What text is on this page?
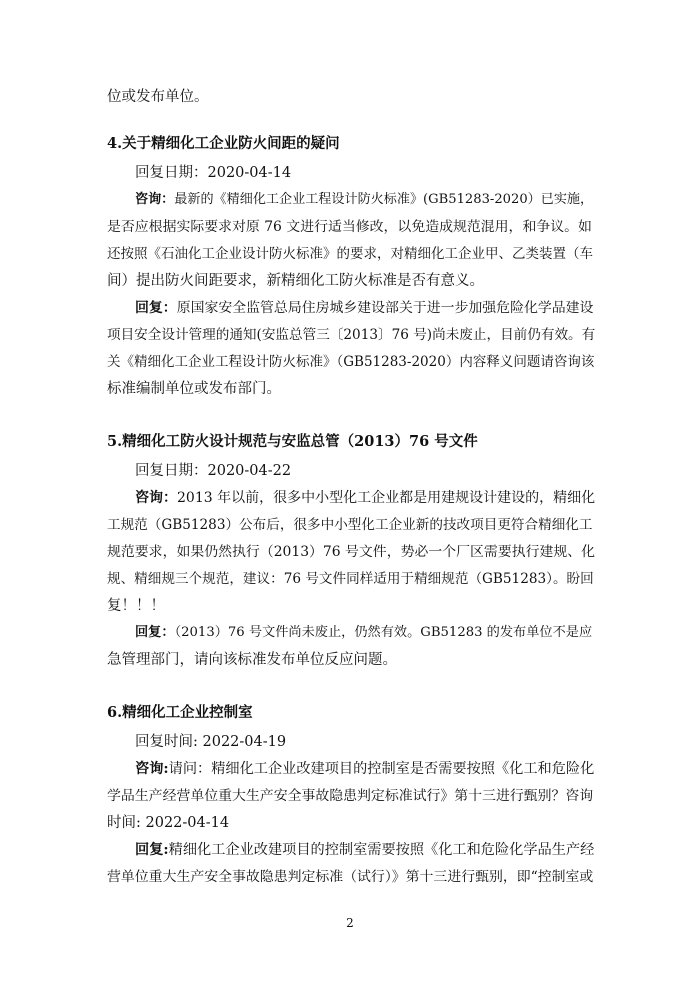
位或发布单位。
4.关于精细化工企业防火间距的疑问
回复日期：2020-04-14
咨询：最新的《精细化工企业工程设计防火标准》(GB51283-2020）已实施，
是否应根据实际要求对原 76 文进行适当修改，以免造成规范混用，和争议。如
还按照《石油化工企业设计防火标准》的要求，对精细化工企业甲、乙类装置（车
间）提出防火间距要求，新精细化工防火标准是否有意义。
回复：原国家安全监管总局住房城乡建设部关于进一步加强危险化学品建设
项目安全设计管理的通知(安监总管三〔2013〕76 号)尚未废止，目前仍有效。有
关《精细化工企业工程设计防火标准》（GB51283-2020）内容释义问题请咨询该
标准编制单位或发布部门。
5.精细化工防火设计规范与安监总管（2013）76 号文件
回复日期：2020-04-22
咨询：2013 年以前，很多中小型化工企业都是用建规设计建设的，精细化
工规范（GB51283）公布后，很多中小型化工企业新的技改项目更符合精细化工
规范要求，如果仍然执行（2013）76 号文件，势必一个厂区需要执行建规、化
规、精细规三个规范，建议：76 号文件同样适用于精细规范（GB51283）。盼回
复！！！
回复：（2013）76 号文件尚未废止，仍然有效。GB51283 的发布单位不是应
急管理部门，请向该标准发布单位反应问题。
6.精细化工企业控制室
回复时间: 2022-04-19
咨询:请问：精细化工企业改建项目的控制室是否需要按照《化工和危险化
学品生产经营单位重大生产安全事故隐患判定标准试行》第十三进行甄别？咨询
时间: 2022-04-14
回复:精细化工企业改建项目的控制室需要按照《化工和危险化学品生产经
营单位重大生产安全事故隐患判定标准（试行）》第十三进行甄别，即“控制室或
2
